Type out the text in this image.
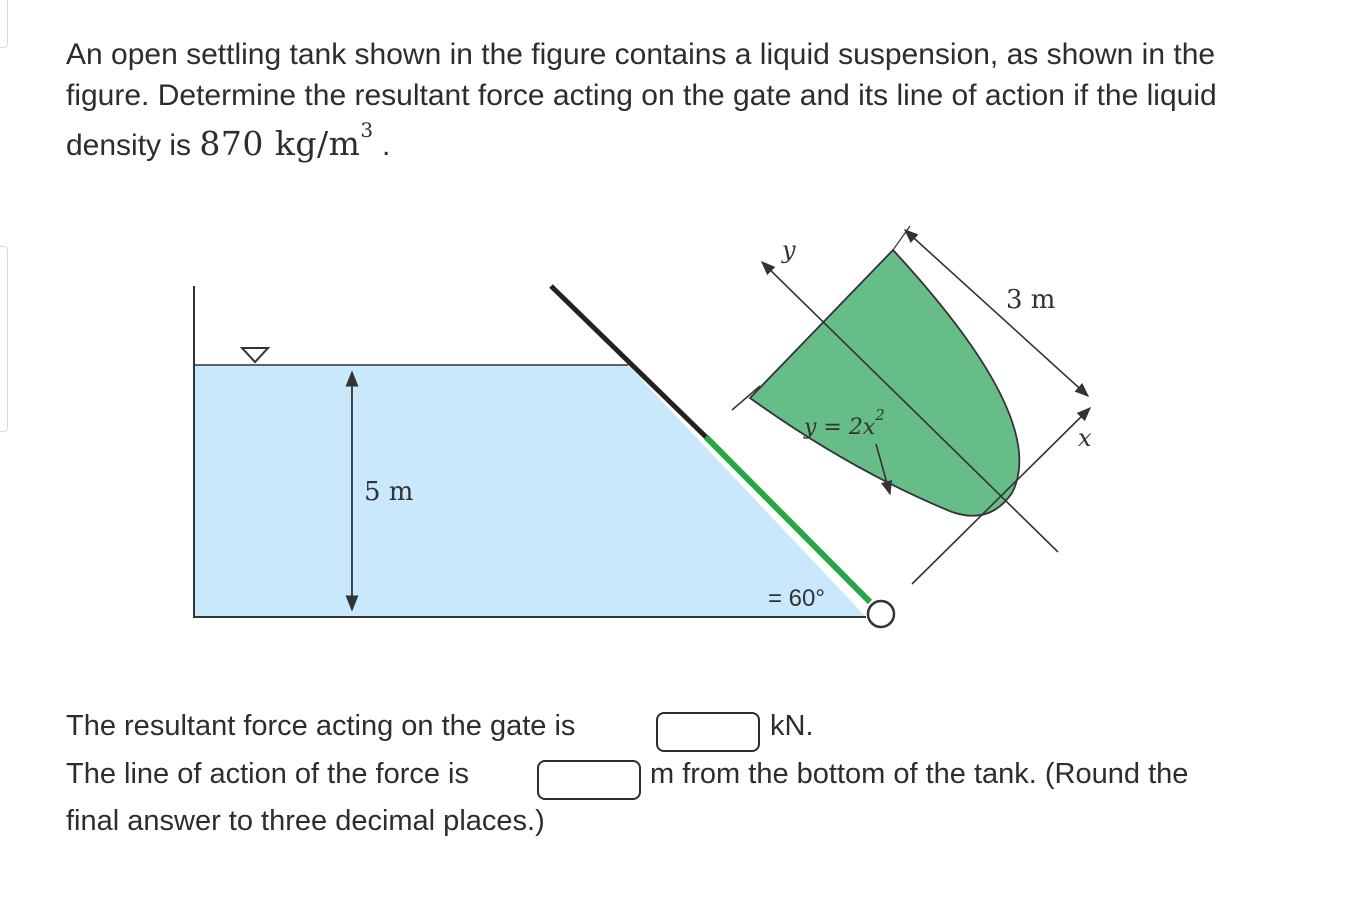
An open settling tank shown in the figure contains a liquid suspension, as shown in the figure. Determine the resultant force acting on the gate and its line of action if the liquid density is 870 $kg/m^3$ .

5 m
y
x
3 m
$y = 2x^2$
= 60°
The resultant force acting on the gate is	kN.
The line of action of the force is	m from the bottom of the tank. (Round the
final answer to three decimal places.)
